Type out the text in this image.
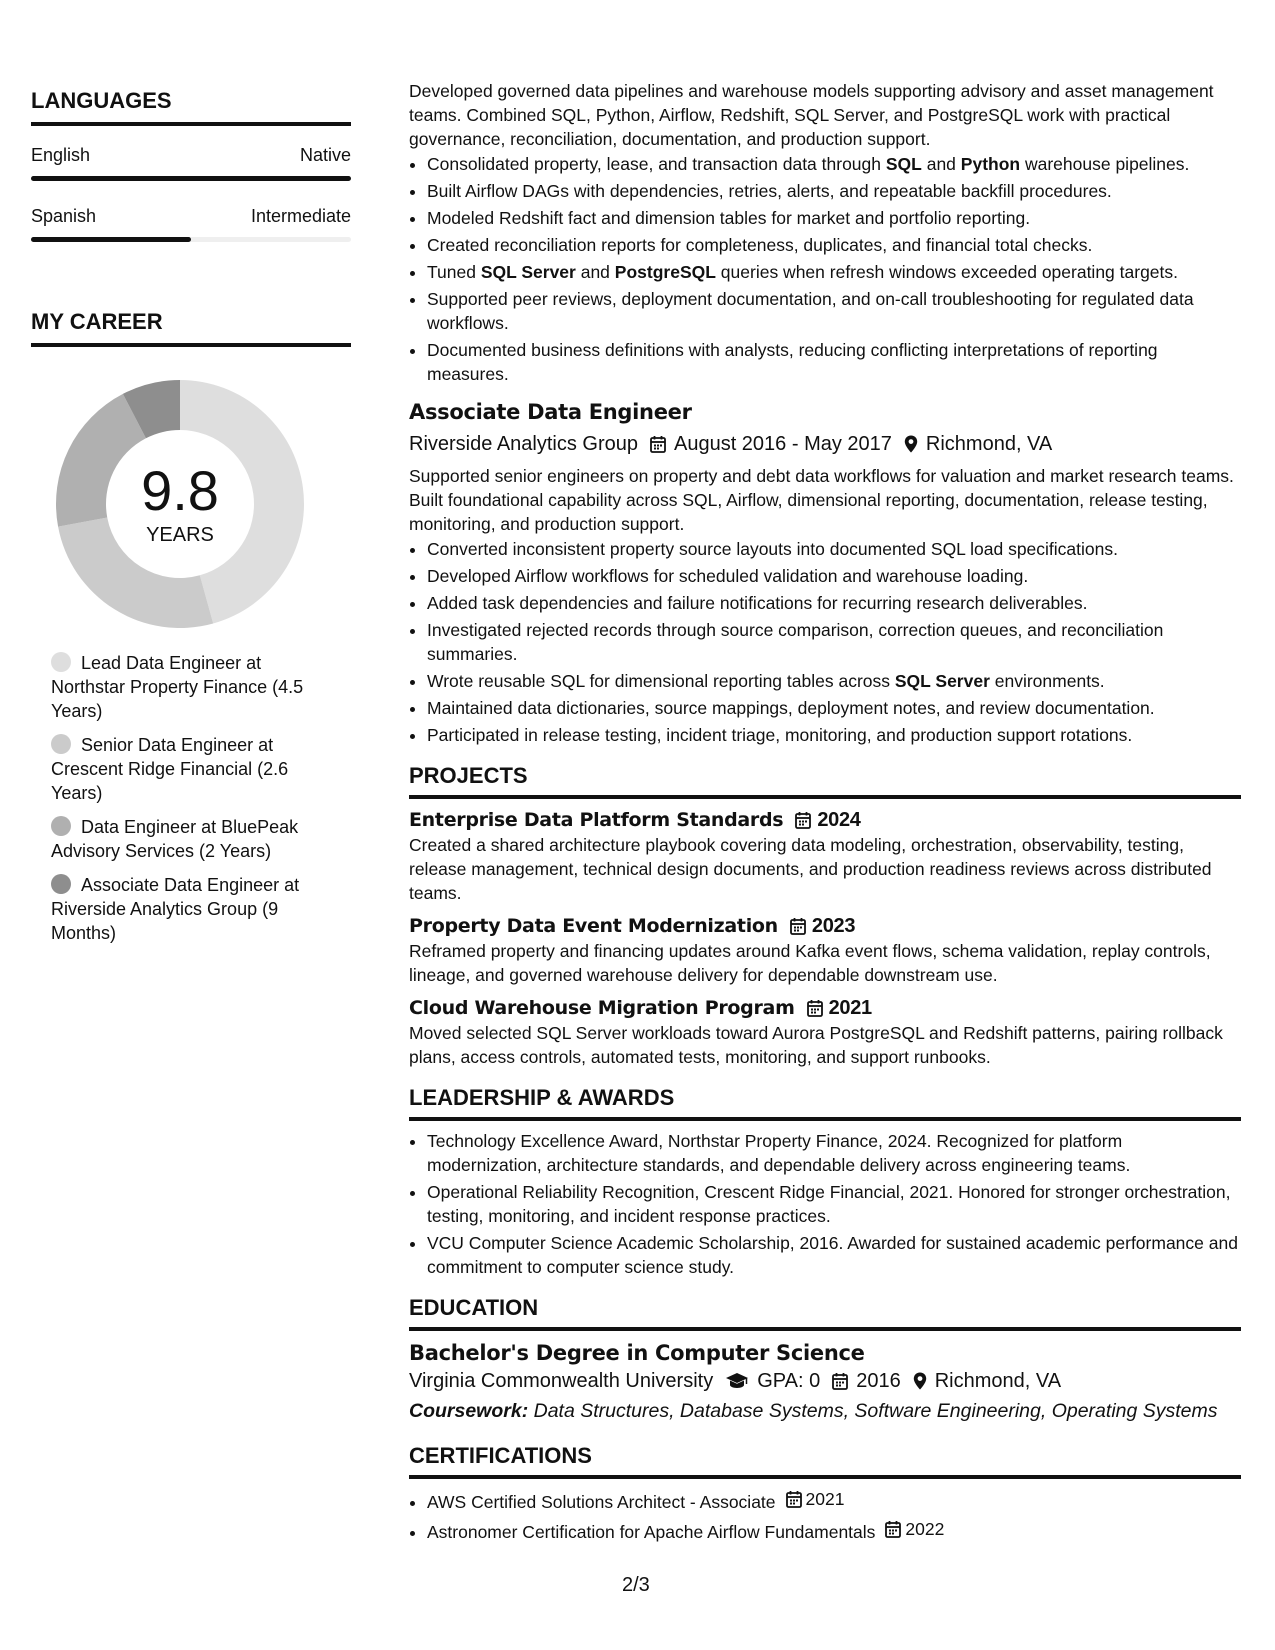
LANGUAGES
English	Native
Spanish	Intermediate
MY CAREER
9.8
YEARS
Lead Data Engineer at Northstar Property Finance (4.5 Years)
Senior Data Engineer at Crescent Ridge Financial (2.6 Years)
Data Engineer at BluePeak Advisory Services (2 Years)
Associate Data Engineer at Riverside Analytics Group (9 Months)

Developed governed data pipelines and warehouse models supporting advisory and asset management teams. Combined SQL, Python, Airflow, Redshift, SQL Server, and PostgreSQL work with practical governance, reconciliation, documentation, and production support.

• Consolidated property, lease, and transaction data through SQL and Python warehouse pipelines.
• Built Airflow DAGs with dependencies, retries, alerts, and repeatable backfill procedures.
• Modeled Redshift fact and dimension tables for market and portfolio reporting.
• Created reconciliation reports for completeness, duplicates, and financial total checks.
• Tuned SQL Server and PostgreSQL queries when refresh windows exceeded operating targets.
• Supported peer reviews, deployment documentation, and on-call troubleshooting for regulated data workflows.
• Documented business definitions with analysts, reducing conflicting interpretations of reporting measures.
Associate Data Engineer
Riverside Analytics Group August 2016 - May 2017 Richmond, VA

Supported senior engineers on property and debt data workflows for valuation and market research teams. Built foundational capability across SQL, Airflow, dimensional reporting, documentation, release testing, monitoring, and production support.

• Converted inconsistent property source layouts into documented SQL load specifications.
• Developed Airflow workflows for scheduled validation and warehouse loading.
• Added task dependencies and failure notifications for recurring research deliverables.
• Investigated rejected records through source comparison, correction queues, and reconciliation summaries.
• Wrote reusable SQL for dimensional reporting tables across SQL Server environments.
• Maintained data dictionaries, source mappings, deployment notes, and review documentation.
• Participated in release testing, incident triage, monitoring, and production support rotations.
PROJECTS
Enterprise Data Platform Standards 2024

Created a shared architecture playbook covering data modeling, orchestration, observability, testing, release management, technical design documents, and production readiness reviews across distributed teams.

Property Data Event Modernization 2023

Reframed property and financing updates around Kafka event flows, schema validation, replay controls, lineage, and governed warehouse delivery for dependable downstream use.

Cloud Warehouse Migration Program 2021

Moved selected SQL Server workloads toward Aurora PostgreSQL and Redshift patterns, pairing rollback plans, access controls, automated tests, monitoring, and support runbooks.

LEADERSHIP & AWARDS
• Technology Excellence Award, Northstar Property Finance, 2024. Recognized for platform modernization, architecture standards, and dependable delivery across engineering teams.
• Operational Reliability Recognition, Crescent Ridge Financial, 2021. Honored for stronger orchestration, testing, monitoring, and incident response practices.
• VCU Computer Science Academic Scholarship, 2016. Awarded for sustained academic performance and commitment to computer science study.
EDUCATION
Bachelor's Degree in Computer Science
Virginia Commonwealth University GPA: 0 2016 Richmond, VA
Coursework: Data Structures, Database Systems, Software Engineering, Operating Systems
CERTIFICATIONS
• AWS Certified Solutions Architect - Associate 2021
• Astronomer Certification for Apache Airflow Fundamentals 2022
2/3
